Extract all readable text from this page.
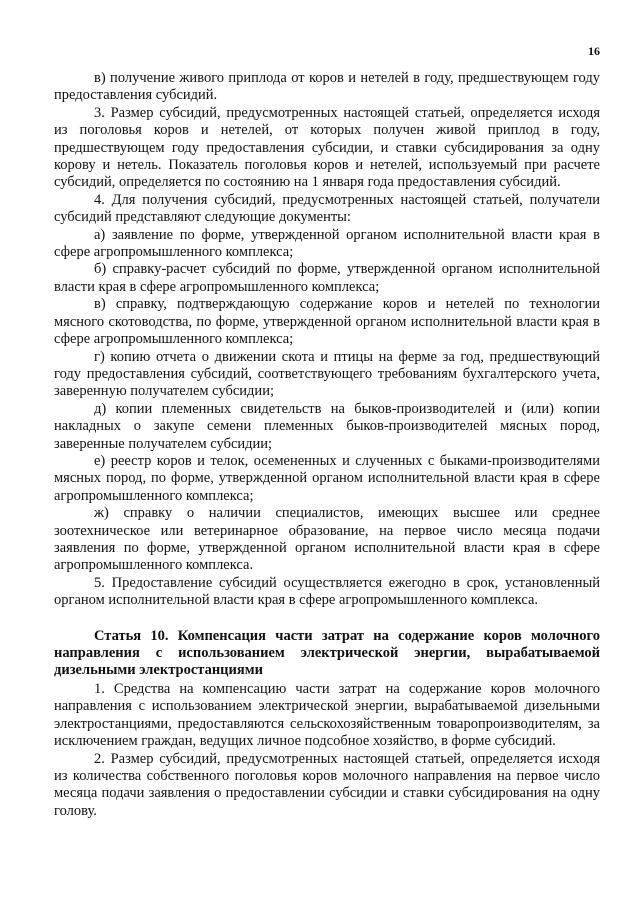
16

в) получение живого приплода от коров и нетелей в году, предшествующем году предоставления субсидий.

3. Размер субсидий, предусмотренных настоящей статьей, определяется исходя из поголовья коров и нетелей, от которых получен живой приплод в году, предшествующем году предоставления субсидии, и ставки субсидирования за одну корову и нетель. Показатель поголовья коров и нетелей, используемый при расчете субсидий, определяется по состоянию на 1 января года предоставления субсидий.

4. Для получения субсидий, предусмотренных настоящей статьей, получатели субсидий представляют следующие документы:

а) заявление по форме, утвержденной органом исполнительной власти края в сфере агропромышленного комплекса;

б) справку-расчет субсидий по форме, утвержденной органом исполнительной власти края в сфере агропромышленного комплекса;

в) справку, подтверждающую содержание коров и нетелей по технологии мясного скотоводства, по форме, утвержденной органом исполнительной власти края в сфере агропромышленного комплекса;

г) копию отчета о движении скота и птицы на ферме за год, предшествующий году предоставления субсидий, соответствующего требованиям бухгалтерского учета, заверенную получателем субсидии;

д) копии племенных свидетельств на быков-производителей и (или) копии накладных о закупе семени племенных быков-производителей мясных пород, заверенные получателем субсидии;

е) реестр коров и телок, осемененных и слученных с быками-производителями мясных пород, по форме, утвержденной органом исполнительной власти края в сфере агропромышленного комплекса;

ж) справку о наличии специалистов, имеющих высшее или среднее зоотехническое или ветеринарное образование, на первое число месяца подачи заявления по форме, утвержденной органом исполнительной власти края в сфере агропромышленного комплекса.

5. Предоставление субсидий осуществляется ежегодно в срок, установленный органом исполнительной власти края в сфере агропромышленного комплекса.

Статья 10. Компенсация части затрат на содержание коров молочного направления с использованием электрической энергии, вырабатываемой дизельными электростанциями

1. Средства на компенсацию части затрат на содержание коров молочного направления с использованием электрической энергии, вырабатываемой дизельными электростанциями, предоставляются сельскохозяйственным товаропроизводителям, за исключением граждан, ведущих личное подсобное хозяйство, в форме субсидий.

2. Размер субсидий, предусмотренных настоящей статьей, определяется исходя из количества собственного поголовья коров молочного направления на первое число месяца подачи заявления о предоставлении субсидии и ставки субсидирования на одну голову.
